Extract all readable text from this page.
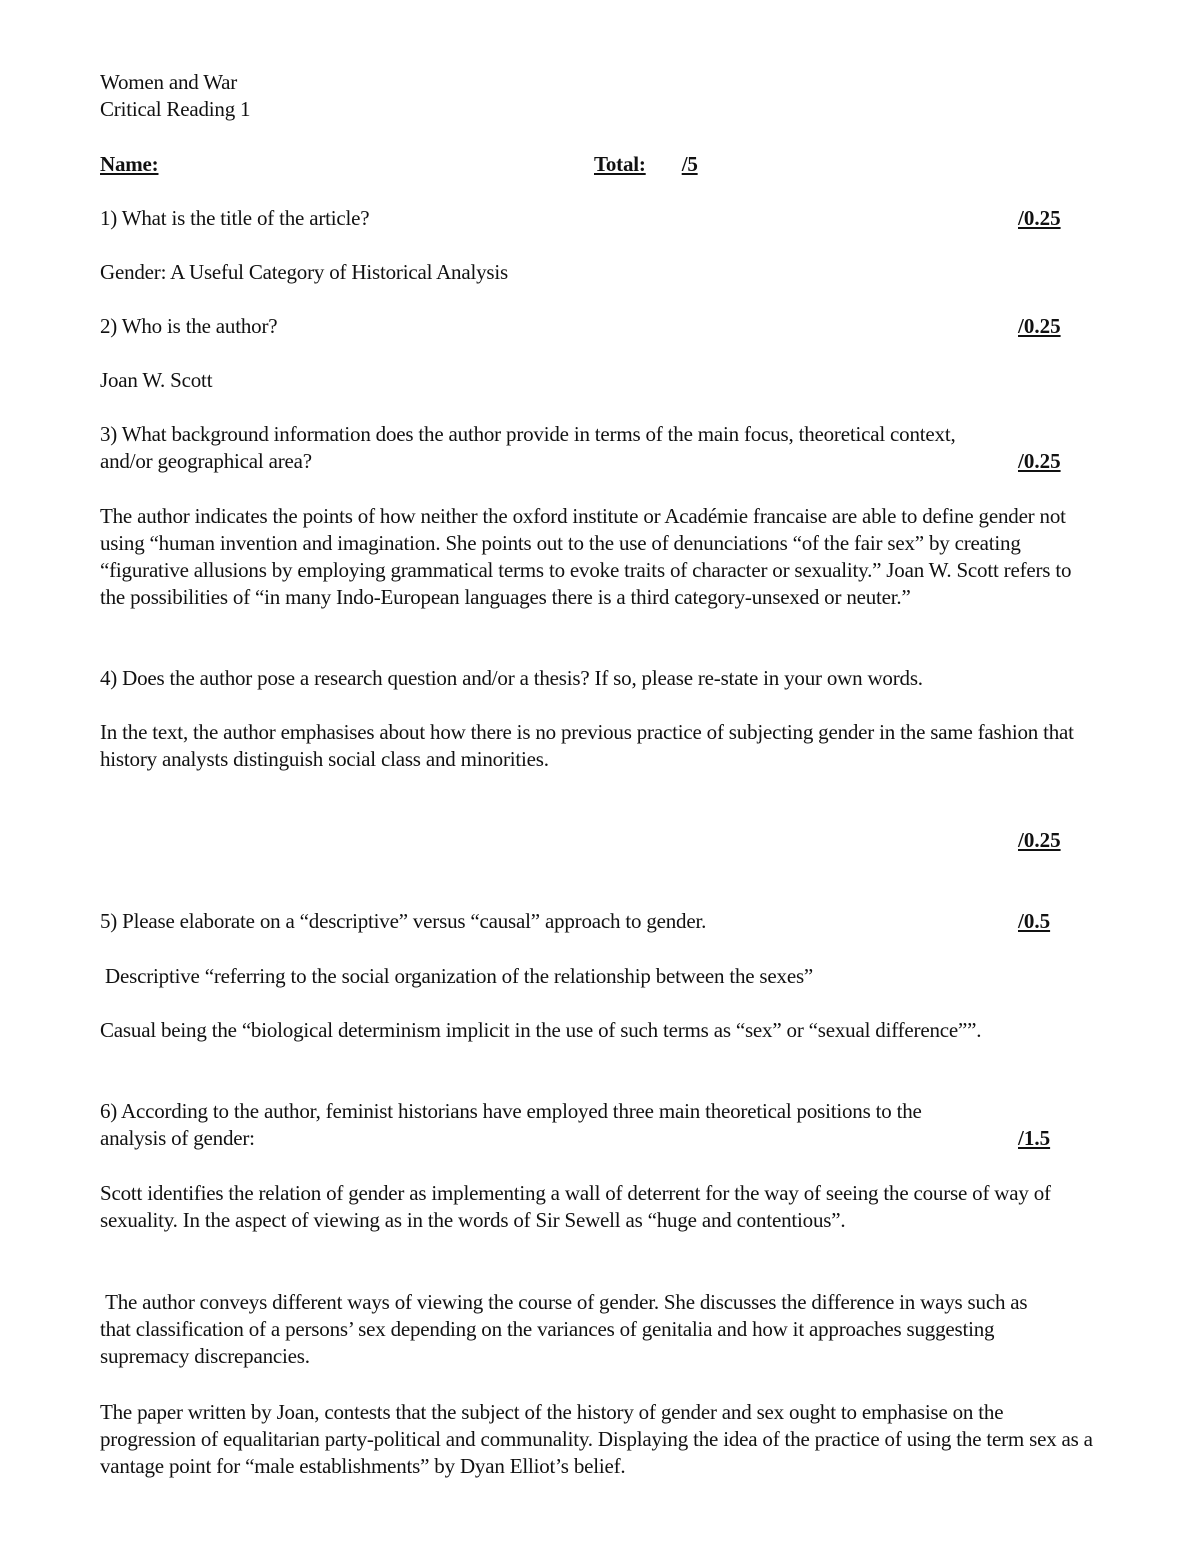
Women and War
Critical Reading 1
Name:	Total: /5
1) What is the title of the article?	/0.25
Gender: A Useful Category of Historical Analysis
2) Who is the author?	/0.25
Joan W. Scott
3) What background information does the author provide in terms of the main focus, theoretical context,
and/or geographical area?	/0.25
The author indicates the points of how neither the oxford institute or Académie francaise are able to define gender not using “human invention and imagination. She points out to the use of denunciations “of the fair sex” by creating “figurative allusions by employing grammatical terms to evoke traits of character or sexuality.” Joan W. Scott refers to the possibilities of “in many Indo-European languages there is a third category-unsexed or neuter.”
4) Does the author pose a research question and/or a thesis? If so, please re-state in your own words.
In the text, the author emphasises about how there is no previous practice of subjecting gender in the same fashion that history analysts distinguish social class and minorities.
/0.25
5) Please elaborate on a “descriptive” versus “causal” approach to gender.	/0.5
Descriptive “referring to the social organization of the relationship between the sexes”
Casual being the “biological determinism implicit in the use of such terms as “sex” or “sexual difference””.
6) According to the author, feminist historians have employed three main theoretical positions to the
analysis of gender:	/1.5
Scott identifies the relation of gender as implementing a wall of deterrent for the way of seeing the course of way of sexuality. In the aspect of viewing as in the words of Sir Sewell as “huge and contentious”.
The author conveys different ways of viewing the course of gender. She discusses the difference in ways such as that classification of a persons’ sex depending on the variances of genitalia and how it approaches suggesting supremacy discrepancies.
The paper written by Joan, contests that the subject of the history of gender and sex ought to emphasise on the progression of equalitarian party-political and communality. Displaying the idea of the practice of using the term sex as a vantage point for “male establishments” by Dyan Elliot’s belief.
